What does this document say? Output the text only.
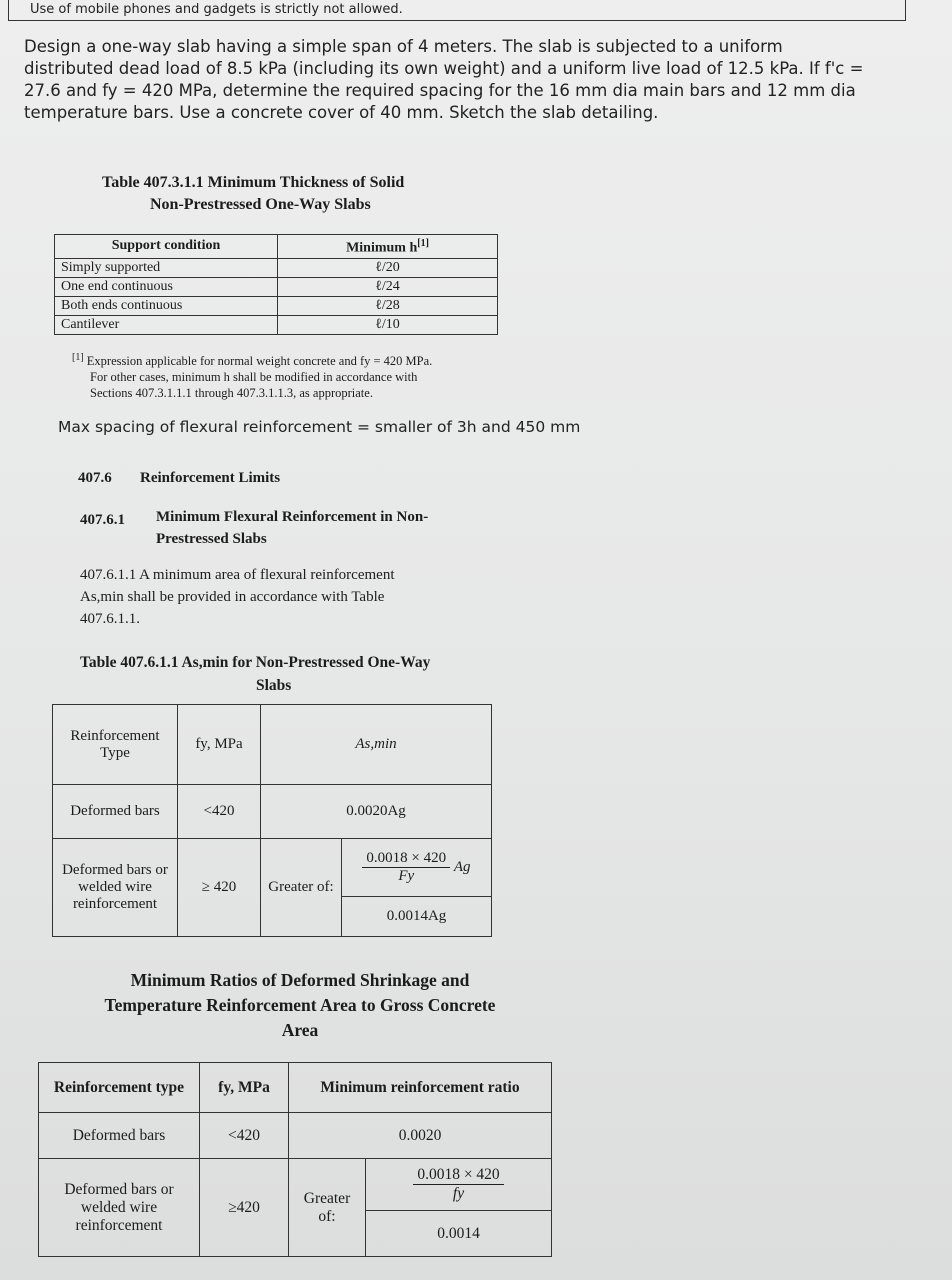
Use of mobile phones and gadgets is strictly not allowed.
Design a one-way slab having a simple span of 4 meters. The slab is subjected to a uniform distributed dead load of 8.5 kPa (including its own weight) and a uniform live load of 12.5 kPa. If f'c = 27.6 and fy = 420 MPa, determine the required spacing for the 16 mm dia main bars and 12 mm dia temperature bars. Use a concrete cover of 40 mm. Sketch the slab detailing.
Table 407.3.1.1 Minimum Thickness of Solid
Non-Prestressed One-Way Slabs
Support condition	Minimum h[1]
Simply supported	ℓ/20
One end continuous	ℓ/24
Both ends continuous	ℓ/28
Cantilever	ℓ/10
[1] Expression applicable for normal weight concrete and fy = 420 MPa.
For other cases, minimum h shall be modified in accordance with
Sections 407.3.1.1.1 through 407.3.1.1.3, as appropriate.
Max spacing of flexural reinforcement = smaller of 3h and 450 mm
407.6 Reinforcement Limits
407.6.1 Minimum Flexural Reinforcement in Non-
Prestressed Slabs
407.6.1.1 A minimum area of flexural reinforcement
As,min shall be provided in accordance with Table
407.6.1.1.
Table 407.6.1.1 As,min for Non-Prestressed One-Way
Slabs
Reinforcement Type	fy, MPa	As,min	
Deformed bars	<420	0.0020Ag	
Deformed bars or welded wire reinforcement	≥ 420	Greater of:	$\frac{0.0018 \times 420}{Fy}$ Ag
			0.0014Ag
Minimum Ratios of Deformed Shrinkage and
Temperature Reinforcement Area to Gross Concrete
Area
Reinforcement type	fy, MPa	Minimum reinforcement ratio	
Deformed bars	<420	0.0020	
Deformed bars or welded wire reinforcement	≥420	Greater of:	$\frac{0.0018 \times 420}{fy}$

			0.0014
